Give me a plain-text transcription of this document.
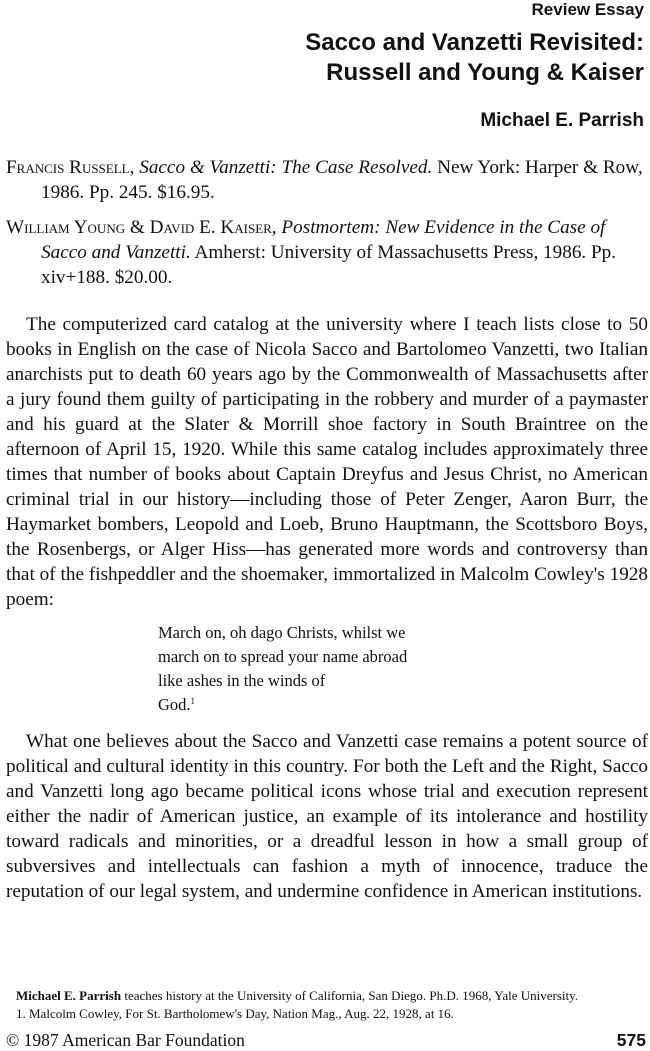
Review Essay
Sacco and Vanzetti Revisited:
Russell and Young & Kaiser
Michael E. Parrish
Francis Russell, Sacco & Vanzetti: The Case Resolved. New York: Harper & Row, 1986. Pp. 245. $16.95.
William Young & David E. Kaiser, Postmortem: New Evidence in the Case of Sacco and Vanzetti. Amherst: University of Massachusetts Press, 1986. Pp. xiv+188. $20.00.

The computerized card catalog at the university where I teach lists close to 50 books in English on the case of Nicola Sacco and Bartolomeo Vanzetti, two Italian anarchists put to death 60 years ago by the Commonwealth of Massachusetts after a jury found them guilty of participating in the robbery and murder of a paymaster and his guard at the Slater & Morrill shoe factory in South Braintree on the afternoon of April 15, 1920. While this same catalog includes approximately three times that number of books about Captain Dreyfus and Jesus Christ, no American criminal trial in our history—including those of Peter Zenger, Aaron Burr, the Haymarket bombers, Leopold and Loeb, Bruno Hauptmann, the Scottsboro Boys, the Rosenbergs, or Alger Hiss—has generated more words and controversy than that of the fishpeddler and the shoemaker, immortalized in Malcolm Cowley's 1928 poem:

March on, oh dago Christs, whilst we
march on to spread your name abroad
like ashes in the winds of
God.$^1$

What one believes about the Sacco and Vanzetti case remains a potent source of political and cultural identity in this country. For both the Left and the Right, Sacco and Vanzetti long ago became political icons whose trial and execution represent either the nadir of American justice, an example of its intolerance and hostility toward radicals and minorities, or a dreadful lesson in how a small group of subversives and intellectuals can fashion a myth of innocence, traduce the reputation of our legal system, and undermine confidence in American institutions.

Michael E. Parrish teaches history at the University of California, San Diego. Ph.D. 1968, Yale University.
1. Malcolm Cowley, For St. Bartholomew's Day, Nation Mag., Aug. 22, 1928, at 16.
© 1987 American Bar Foundation	575
